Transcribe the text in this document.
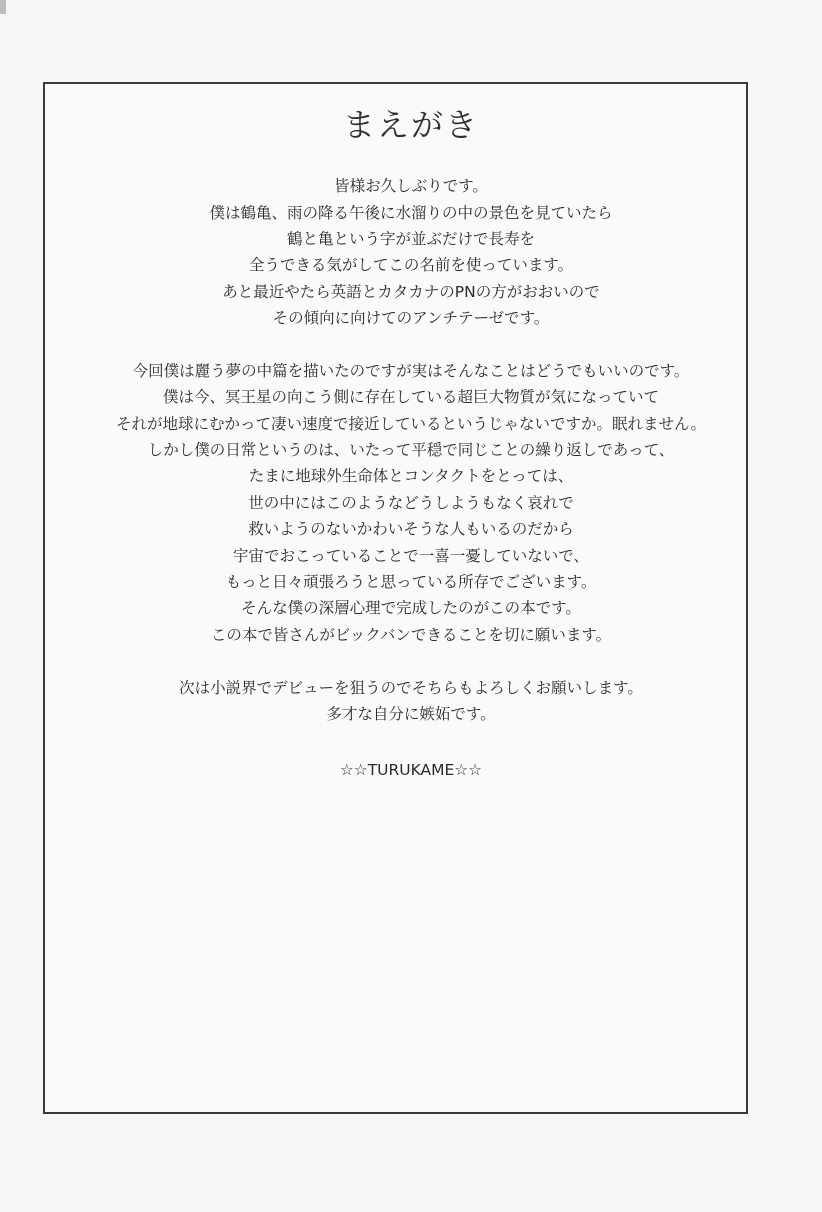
まえがき

皆様お久しぶりです。

僕は鶴亀、雨の降る午後に水溜りの中の景色を見ていたら

鶴と亀という字が並ぶだけで長寿を

全うできる気がしてこの名前を使っています。

あと最近やたら英語とカタカナのPNの方がおおいので

その傾向に向けてのアンチテーゼです。

今回僕は麗う夢の中篇を描いたのですが実はそんなことはどうでもいいのです。

僕は今、冥王星の向こう側に存在している超巨大物質が気になっていて

それが地球にむかって凄い速度で接近しているというじゃないですか。眠れません。

しかし僕の日常というのは、いたって平穏で同じことの繰り返しであって、

たまに地球外生命体とコンタクトをとっては、

世の中にはこのようなどうしようもなく哀れで

救いようのないかわいそうな人もいるのだから

宇宙でおこっていることで一喜一憂していないで、

もっと日々頑張ろうと思っている所存でございます。

そんな僕の深層心理で完成したのがこの本です。

この本で皆さんがビックバンできることを切に願います。

次は小説界でデビューを狙うのでそちらもよろしくお願いします。

多才な自分に嫉妬です。

☆☆TURUKAME☆☆
